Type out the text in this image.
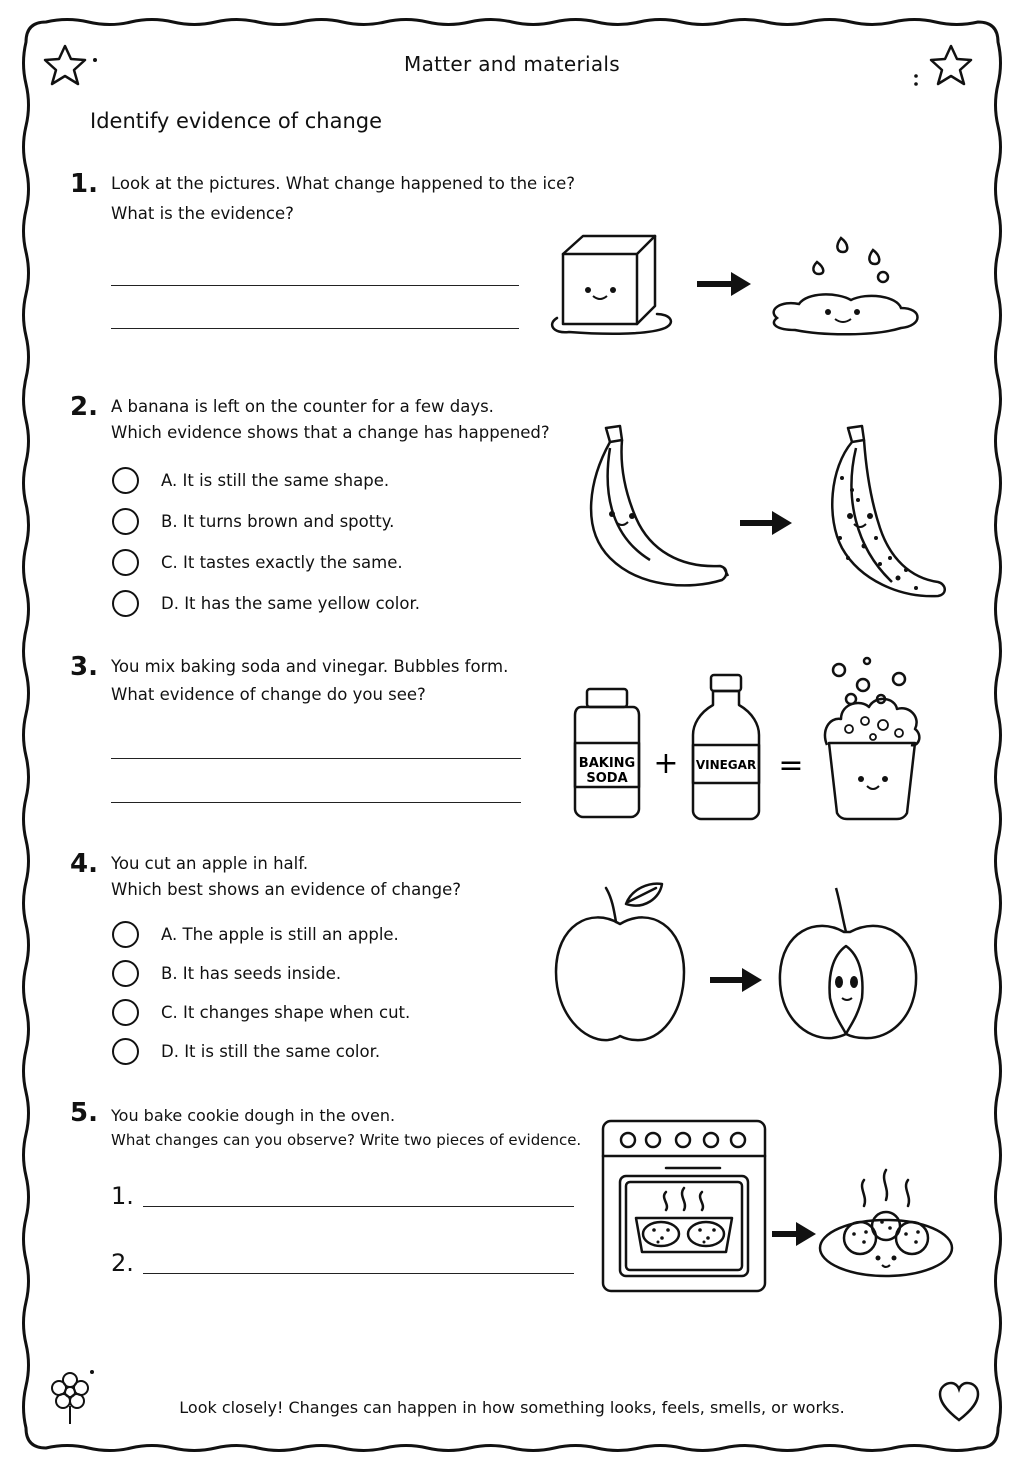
Matter and materials
Identify evidence of change
1. Look at the pictures. What change happened to the ice?
What is the evidence?
2. A banana is left on the counter for a few days.
Which evidence shows that a change has happened?
A. It is still the same shape.
B. It turns brown and spotty.
C. It tastes exactly the same.
D. It has the same yellow color.
3. You mix baking soda and vinegar. Bubbles form.
What evidence of change do you see?
BAKING
SODA + VINEGAR =
4. You cut an apple in half.
Which best shows an evidence of change?
A. The apple is still an apple.
B. It has seeds inside.
C. It changes shape when cut.
D. It is still the same color.
5. You bake cookie dough in the oven.
What changes can you observe? Write two pieces of evidence.
1.
2.
Look closely! Changes can happen in how something looks, feels, smells, or works.
